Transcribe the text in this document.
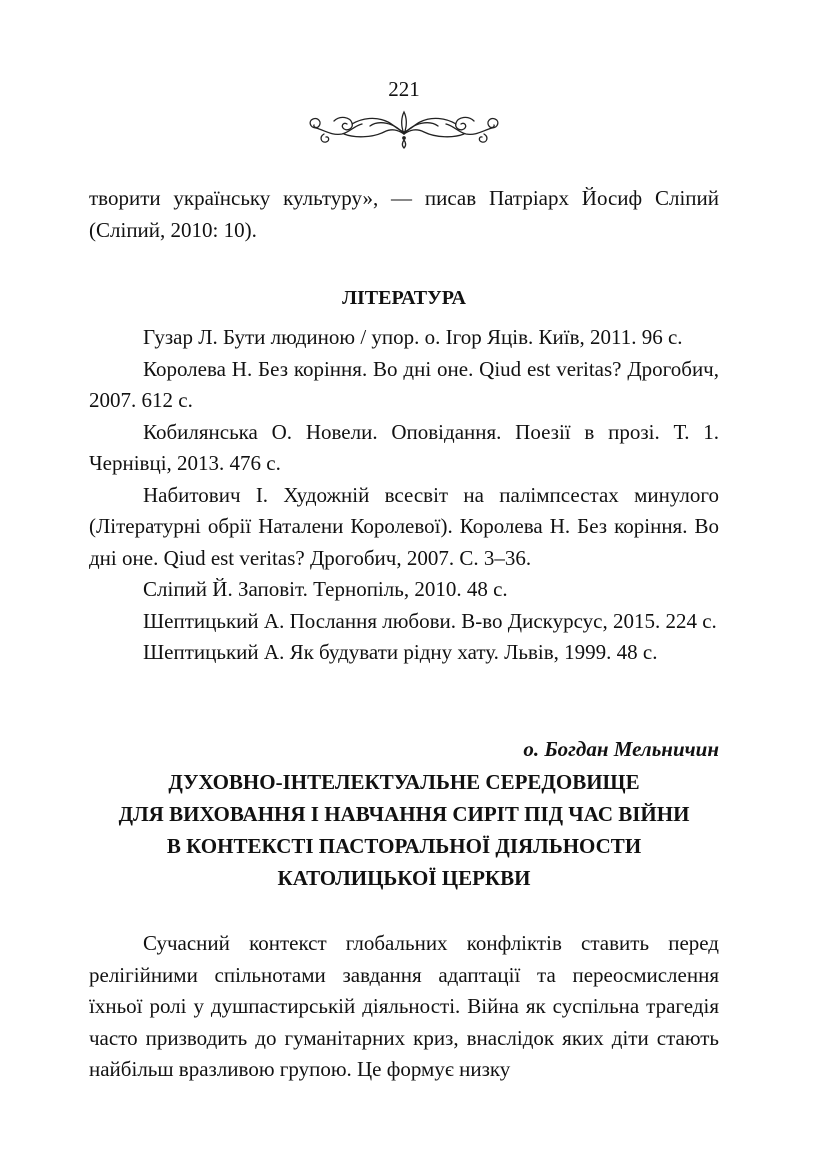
221

творити українську культуру», — писав Патріарх Йосиф Сліпий (Сліпий, 2010: 10).

ЛІТЕРАТУРА
Гузар Л. Бути людиною / упор. о. Ігор Яців. Київ, 2011. 96 с.
Королева Н. Без коріння. Во дні оне. Qiud est veritas? Дрогобич, 2007. 612 с.
Кобилянська О. Новели. Оповідання. Поезії в прозі. Т. 1. Чернівці, 2013. 476 с.
Набитович І. Художній всесвіт на палімпсестах минулого (Літературні обрії Наталени Королевої). Королева Н. Без коріння. Во дні оне. Qiud est veritas? Дрогобич, 2007. С. 3–36.
Сліпий Й. Заповіт. Тернопіль, 2010. 48 с.
Шептицький А. Послання любови. В-во Дискурсус, 2015. 224 с.
Шептицький А. Як будувати рідну хату. Львів, 1999. 48 с.

о. Богдан Мельничин

ДУХОВНО-ІНТЕЛЕКТУАЛЬНЕ СЕРЕДОВИЩЕ
ДЛЯ ВИХОВАННЯ І НАВЧАННЯ СИРІТ ПІД ЧАС ВІЙНИ
В КОНТЕКСТІ ПАСТОРАЛЬНОЇ ДІЯЛЬНОСТИ
КАТОЛИЦЬКОЇ ЦЕРКВИ

Сучасний контекст глобальних конфліктів ставить перед релігійними спільнотами завдання адаптації та переосмислення їхньої ролі у душпастирській діяльності. Війна як суспільна трагедія часто призводить до гуманітарних криз, внаслідок яких діти стають найбільш вразливою групою. Це формує низку
